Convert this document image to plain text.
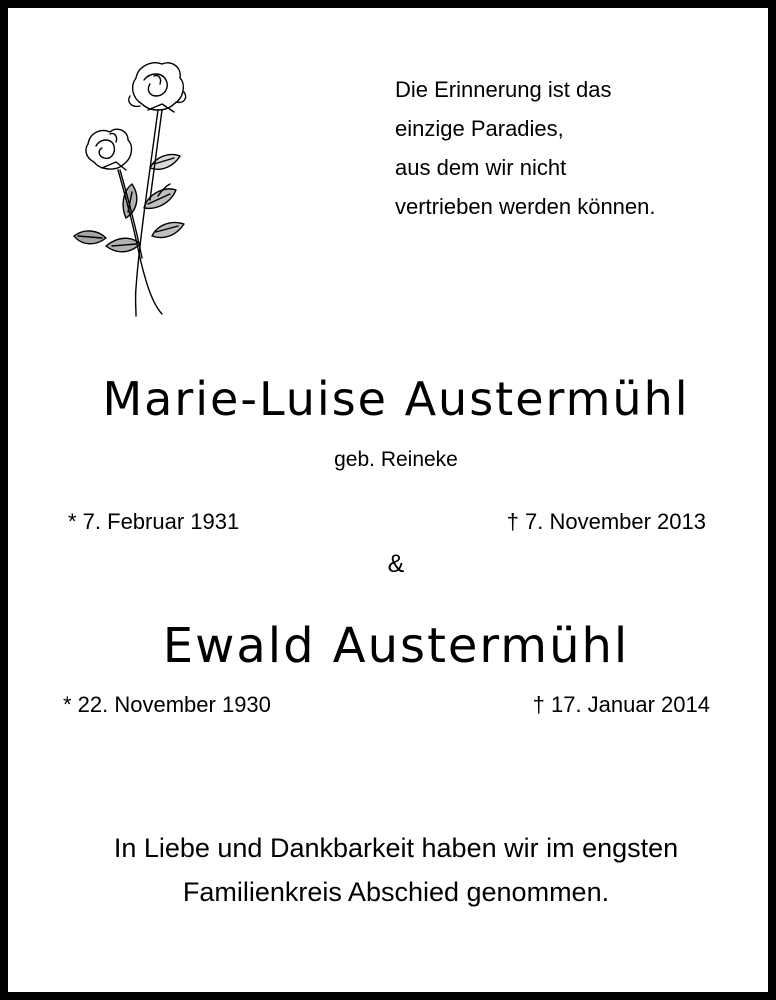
Die Erinnerung ist das
einzige Paradies,
aus dem wir nicht
vertrieben werden können.
Marie-Luise Austermühl
geb. Reineke
* 7. Februar 1931	† 7. November 2013
&
Ewald Austermühl
* 22. November 1930	† 17. Januar 2014
In Liebe und Dankbarkeit haben wir im engsten
Familienkreis Abschied genommen.
